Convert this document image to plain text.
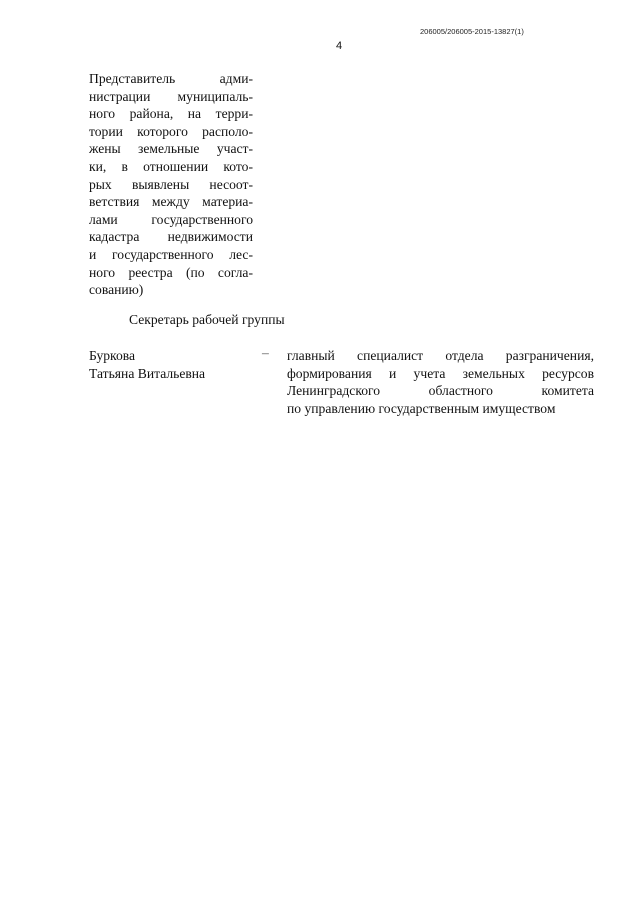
206005/206005-2015-13827(1)
4
Представитель адми-
нистрации муниципаль-
ного района, на терри-
тории которого располо-
жены земельные участ-
ки, в отношении кото-
рых выявлены несоот-
ветствия между материа-
лами государственного
кадастра недвижимости
и государственного лес-
ного реестра (по согла-
сованию)
Секретарь рабочей группы
Буркова
Татьяна Витальевна
– главный специалист отдела разграничения,
формирования и учета земельных ресурсов
Ленинградского областного комитета
по управлению государственным имуществом
